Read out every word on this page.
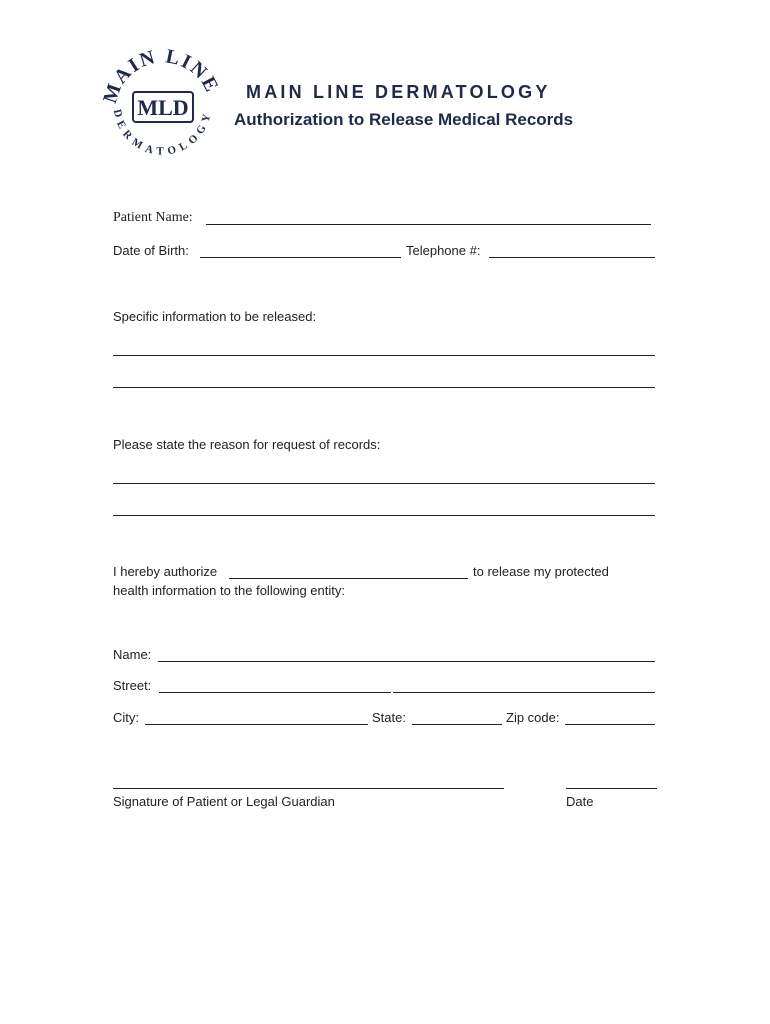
MAIN LINE
DERMATOLOGY
MLD
MAIN LINE DERMATOLOGY
Authorization to Release Medical Records
Patient Name:
Date of Birth:	Telephone #:
Specific information to be released:
Please state the reason for request of records:
I hereby authorize	to release my protected
health information to the following entity:
Name:
Street:
City:	State:	Zip code:
Signature of Patient or Legal Guardian	Date
